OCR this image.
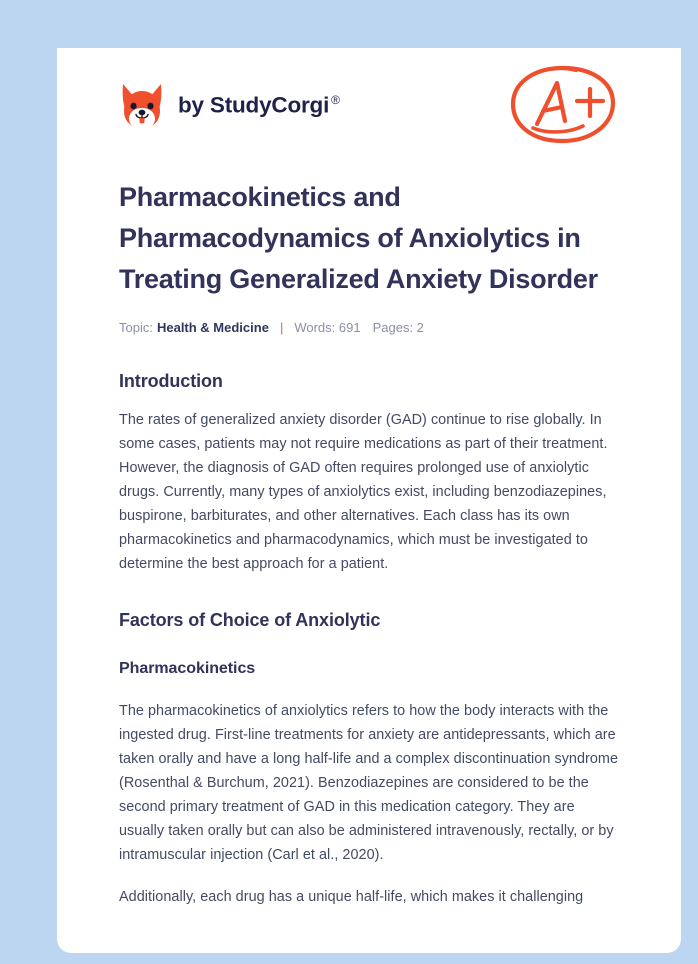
by StudyCorgi ®
Pharmacokinetics and Pharmacodynamics of Anxiolytics in Treating Generalized Anxiety Disorder
Topic: Health & Medicine | Words: 691 Pages: 2
Introduction

The rates of generalized anxiety disorder (GAD) continue to rise globally. In some cases, patients may not require medications as part of their treatment. However, the diagnosis of GAD often requires prolonged use of anxiolytic drugs. Currently, many types of anxiolytics exist, including benzodiazepines, buspirone, barbiturates, and other alternatives. Each class has its own pharmacokinetics and pharmacodynamics, which must be investigated to determine the best approach for a patient.

Factors of Choice of Anxiolytic
Pharmacokinetics

The pharmacokinetics of anxiolytics refers to how the body interacts with the ingested drug. First-line treatments for anxiety are antidepressants, which are taken orally and have a long half-life and a complex discontinuation syndrome (Rosenthal & Burchum, 2021). Benzodiazepines are considered to be the second primary treatment of GAD in this medication category. They are usually taken orally but can also be administered intravenously, rectally, or by intramuscular injection (Carl et al., 2020).

Additionally, each drug has a unique half-life, which makes it challenging
